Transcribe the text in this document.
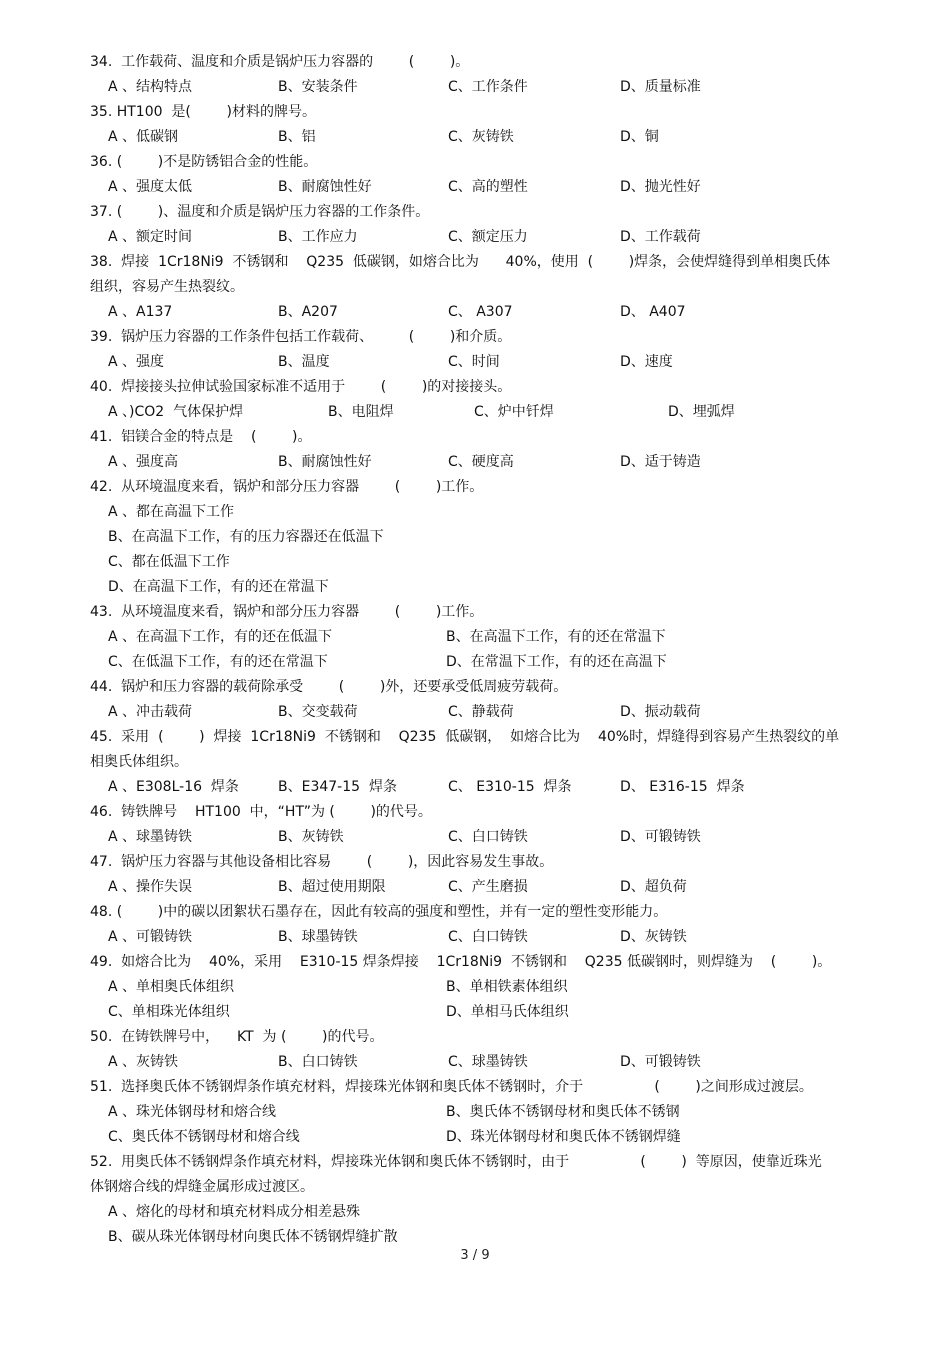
34.  工作载荷、温度和介质是锅炉压力容器的        (        )。
A 、结构特点	B、安装条件	C、工作条件	D、质量标准
35. HT100  是(        )材料的牌号。
A 、低碳钢	B、铝	C、灰铸铁	D、铜
36. (        )不是防锈铝合金的性能。
A 、强度太低	B、耐腐蚀性好	C、高的塑性	D、抛光性好
37. (        )、温度和介质是锅炉压力容器的工作条件。
A 、额定时间	B、工作应力	C、额定压力	D、工作载荷
38.  焊接  1Cr18Ni9  不锈钢和    Q235  低碳钢，如熔合比为      40%，使用  (        )焊条，会使焊缝得到单相奥氏体
组织，容易产生热裂纹。
A 、A137	B、A207	C、 A307	D、 A407
39.  锅炉压力容器的工作条件包括工作载荷、        (        )和介质。
A 、强度	B、温度	C、时间	D、速度
40.  焊接接头拉伸试验国家标准不适用于        (        )的对接接头。
A 、)CO2  气体保护焊	B、电阻焊	C、炉中钎焊	D、埋弧焊
41.  铝镁合金的特点是    (        )。
A 、强度高	B、耐腐蚀性好	C、硬度高	D、适于铸造
42.  从环境温度来看，锅炉和部分压力容器        (        )工作。
A 、都在高温下工作
B、在高温下工作，有的压力容器还在低温下
C、都在低温下工作
D、在高温下工作，有的还在常温下
43.  从环境温度来看，锅炉和部分压力容器        (        )工作。
A 、在高温下工作，有的还在低温下	B、在高温下工作，有的还在常温下
C、在低温下工作，有的还在常温下	D、在常温下工作，有的还在高温下
44.  锅炉和压力容器的载荷除承受        (        )外，还要承受低周疲劳载荷。
A 、冲击载荷	B、交变载荷	C、静载荷	D、振动载荷
45.  采用  (        )  焊接  1Cr18Ni9  不锈钢和    Q235  低碳钢，  如熔合比为    40%时，焊缝得到容易产生热裂纹的单
相奥氏体组织。
A 、E308L-16  焊条	B、E347-15  焊条	C、 E310-15  焊条	D、 E316-15  焊条
46.  铸铁牌号    HT100  中，“HT”为 (        )的代号。
A 、球墨铸铁	B、灰铸铁	C、白口铸铁	D、可锻铸铁
47.  锅炉压力容器与其他设备相比容易        (        )，因此容易发生事故。
A 、操作失误	B、超过使用期限	C、产生磨损	D、超负荷
48. (        )中的碳以团絮状石墨存在，因此有较高的强度和塑性，并有一定的塑性变形能力。
A 、可锻铸铁	B、球墨铸铁	C、白口铸铁	D、灰铸铁
49.  如熔合比为    40%，采用    E310-15 焊条焊接    1Cr18Ni9  不锈钢和    Q235 低碳钢时，则焊缝为    (        )。
A 、单相奥氏体组织	B、单相铁素体组织
C、单相珠光体组织	D、单相马氏体组织
50.  在铸铁牌号中，    KT  为 (        )的代号。
A 、灰铸铁	B、白口铸铁	C、球墨铸铁	D、可锻铸铁
51.  选择奥氏体不锈钢焊条作填充材料，焊接珠光体钢和奥氏体不锈钢时，介于                (        )之间形成过渡层。
A 、珠光体钢母材和熔合线	B、奥氏体不锈钢母材和奥氏体不锈钢
C、奥氏体不锈钢母材和熔合线	D、珠光体钢母材和奥氏体不锈钢焊缝
52.  用奥氏体不锈钢焊条作填充材料，焊接珠光体钢和奥氏体不锈钢时，由于                (        )  等原因，使靠近珠光
体钢熔合线的焊缝金属形成过渡区。
A 、熔化的母材和填充材料成分相差悬殊
B、碳从珠光体钢母材向奥氏体不锈钢焊缝扩散
3 / 9
